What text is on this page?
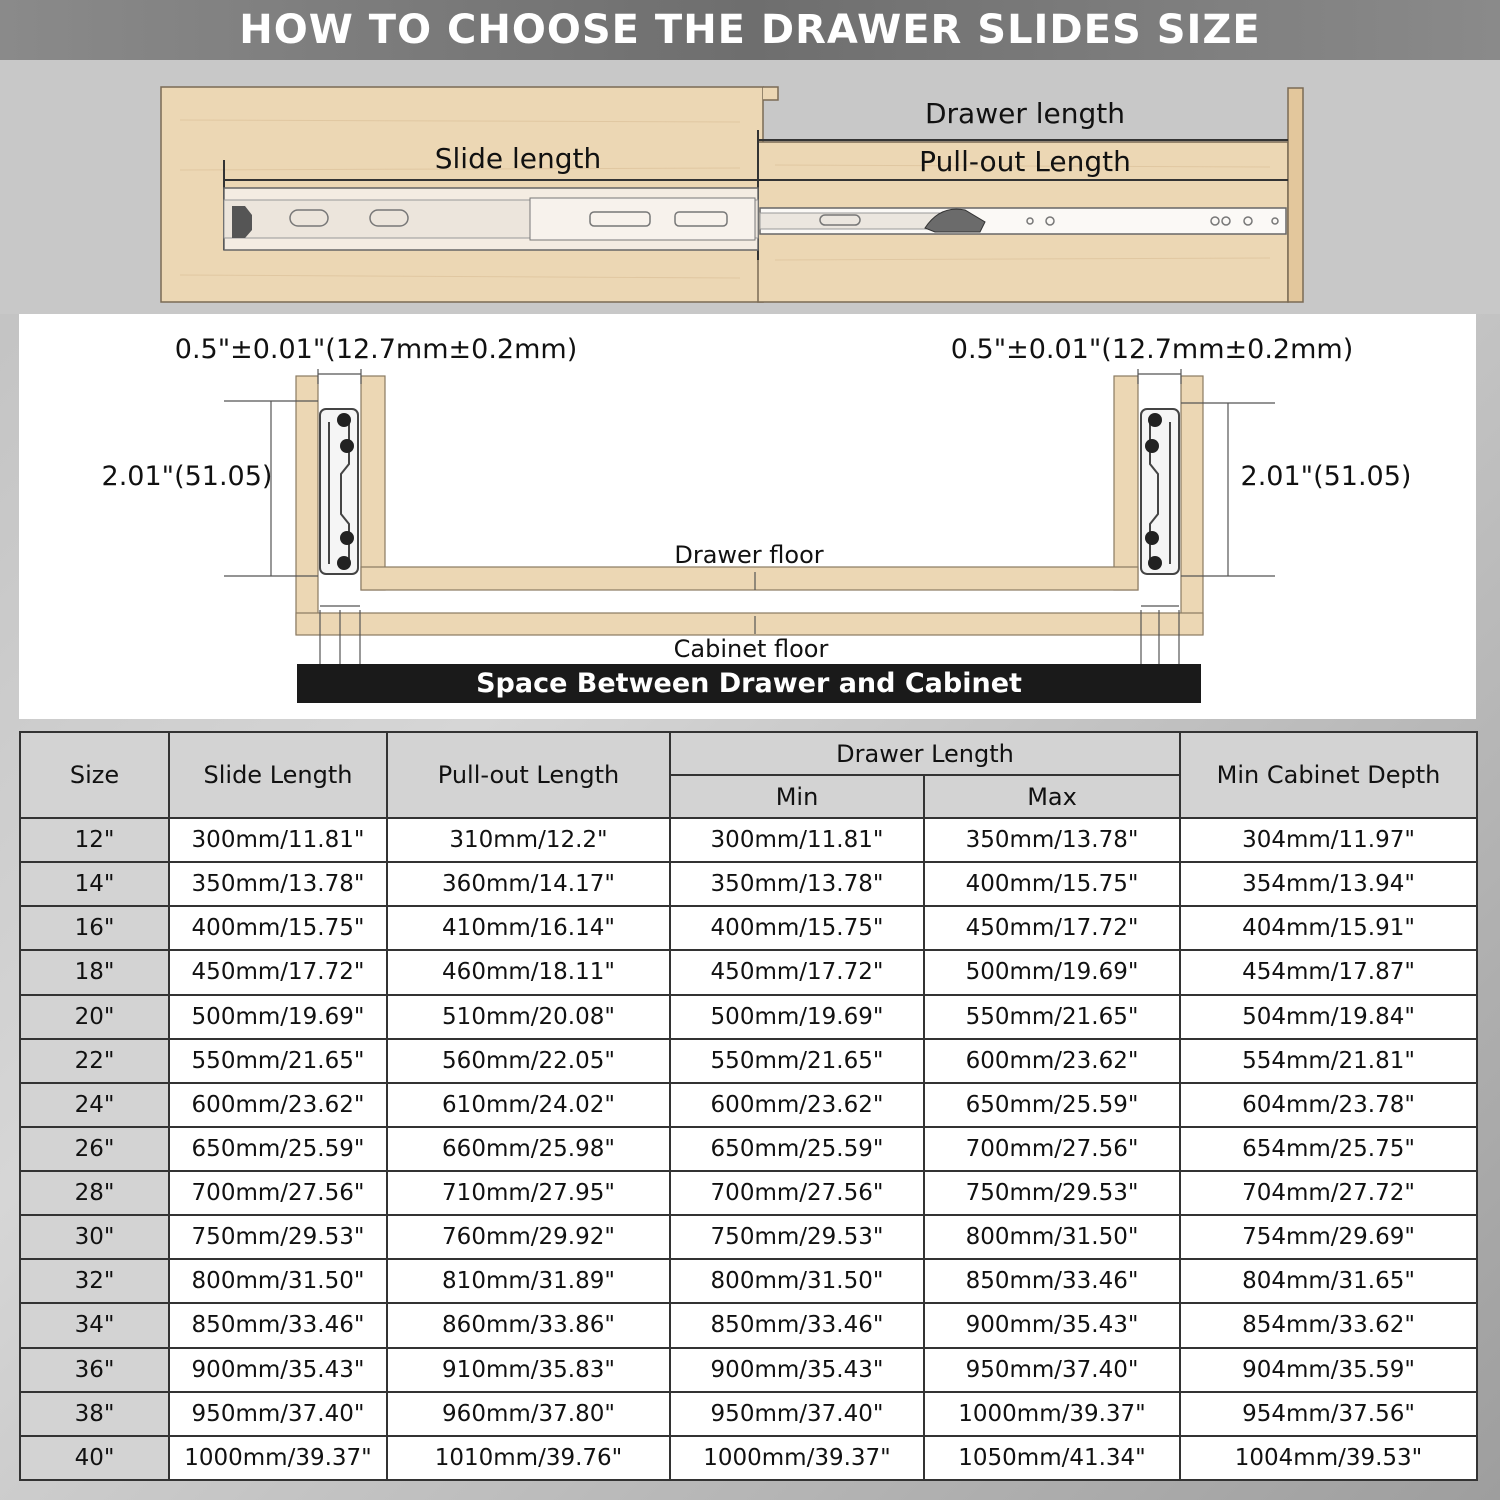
HOW TO CHOOSE THE DRAWER SLIDES SIZE
Slide length
Drawer length
Pull-out Length
0.5"±0.01"(12.7mm±0.2mm)	0.5"±0.01"(12.7mm±0.2mm)
2.01"(51.05)	2.01"(51.05)
Drawer floor
Cabinet floor
Space Between Drawer and Cabinet
Size	Slide Length	Pull-out Length	Drawer Length		Min Cabinet Depth
			Min	Max	
12"	300mm/11.81"	310mm/12.2"	300mm/11.81"	350mm/13.78"	304mm/11.97"
14"	350mm/13.78"	360mm/14.17"	350mm/13.78"	400mm/15.75"	354mm/13.94"
16"	400mm/15.75"	410mm/16.14"	400mm/15.75"	450mm/17.72"	404mm/15.91"
18"	450mm/17.72"	460mm/18.11"	450mm/17.72"	500mm/19.69"	454mm/17.87"
20"	500mm/19.69"	510mm/20.08"	500mm/19.69"	550mm/21.65"	504mm/19.84"
22"	550mm/21.65"	560mm/22.05"	550mm/21.65"	600mm/23.62"	554mm/21.81"
24"	600mm/23.62"	610mm/24.02"	600mm/23.62"	650mm/25.59"	604mm/23.78"
26"	650mm/25.59"	660mm/25.98"	650mm/25.59"	700mm/27.56"	654mm/25.75"
28"	700mm/27.56"	710mm/27.95"	700mm/27.56"	750mm/29.53"	704mm/27.72"
30"	750mm/29.53"	760mm/29.92"	750mm/29.53"	800mm/31.50"	754mm/29.69"
32"	800mm/31.50"	810mm/31.89"	800mm/31.50"	850mm/33.46"	804mm/31.65"
34"	850mm/33.46"	860mm/33.86"	850mm/33.46"	900mm/35.43"	854mm/33.62"
36"	900mm/35.43"	910mm/35.83"	900mm/35.43"	950mm/37.40"	904mm/35.59"
38"	950mm/37.40"	960mm/37.80"	950mm/37.40"	1000mm/39.37"	954mm/37.56"
40"	1000mm/39.37"	1010mm/39.76"	1000mm/39.37"	1050mm/41.34"	1004mm/39.53"
